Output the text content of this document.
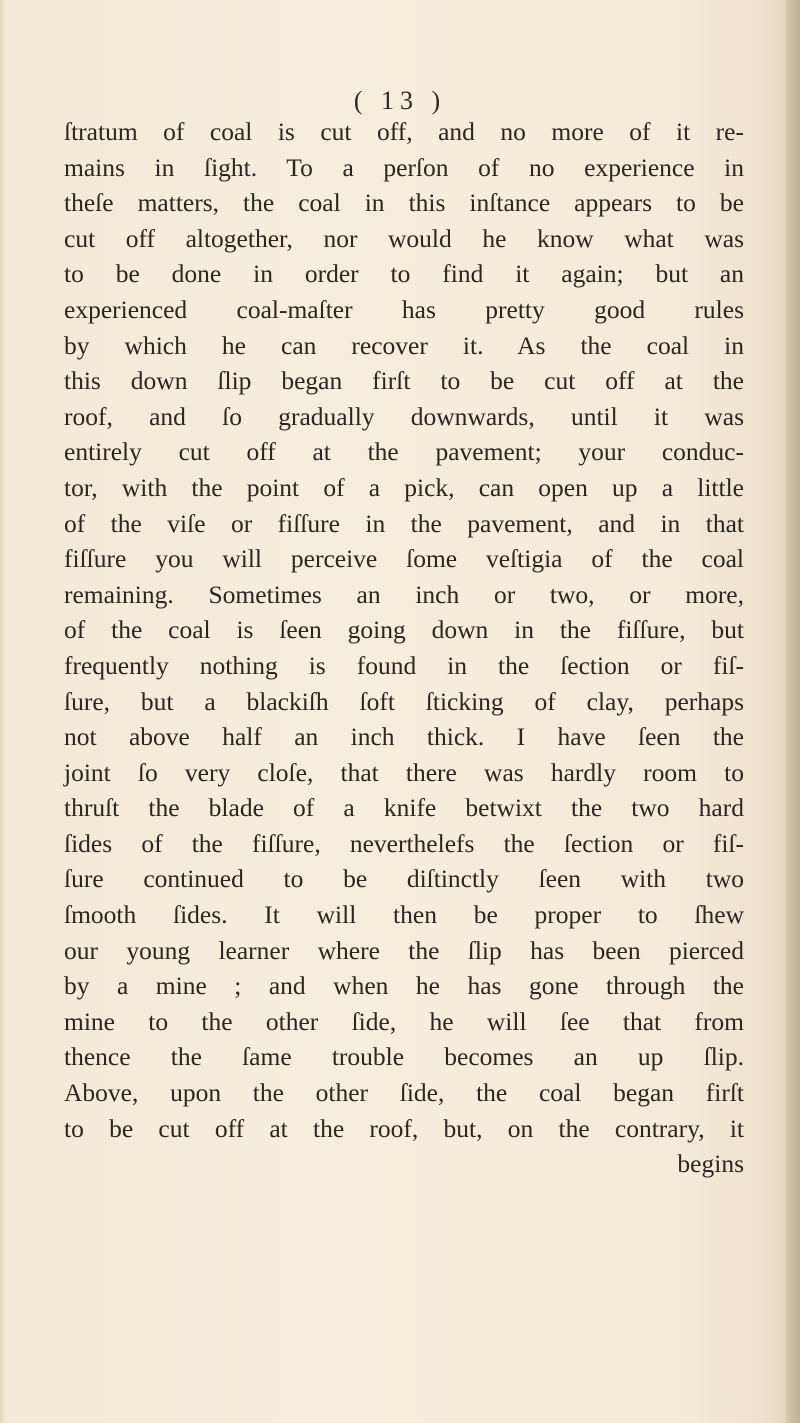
( 13 )
ſtratum of coal is cut off, and no more of it re-
mains in ſight. To a perſon of no experience in
theſe matters, the coal in this inſtance appears to be
cut off altogether, nor would he know what was
to be done in order to find it again; but an
experienced coal-maſter has pretty good rules
by which he can recover it. As the coal in
this down ſlip began firſt to be cut off at the
roof, and ſo gradually downwards, until it was
entirely cut off at the pavement; your conduc-
tor, with the point of a pick, can open up a little
of the viſe or fiſſure in the pavement, and in that
fiſſure you will perceive ſome veſtigia of the coal
remaining. Sometimes an inch or two, or more,
of the coal is ſeen going down in the fiſſure, but
frequently nothing is found in the ſection or fiſ-
ſure, but a blackiſh ſoft ſticking of clay, perhaps
not above half an inch thick. I have ſeen the
joint ſo very cloſe, that there was hardly room to
thruſt the blade of a knife betwixt the two hard
ſides of the fiſſure, neverthelefs the ſection or fiſ-
ſure continued to be diſtinctly ſeen with two
ſmooth ſides. It will then be proper to ſhew
our young learner where the ſlip has been pierced
by a mine ; and when he has gone through the
mine to the other ſide, he will ſee that from
thence the ſame trouble becomes an up ſlip.
Above, upon the other ſide, the coal began firſt
to be cut off at the roof, but, on the contrary, it
begins
